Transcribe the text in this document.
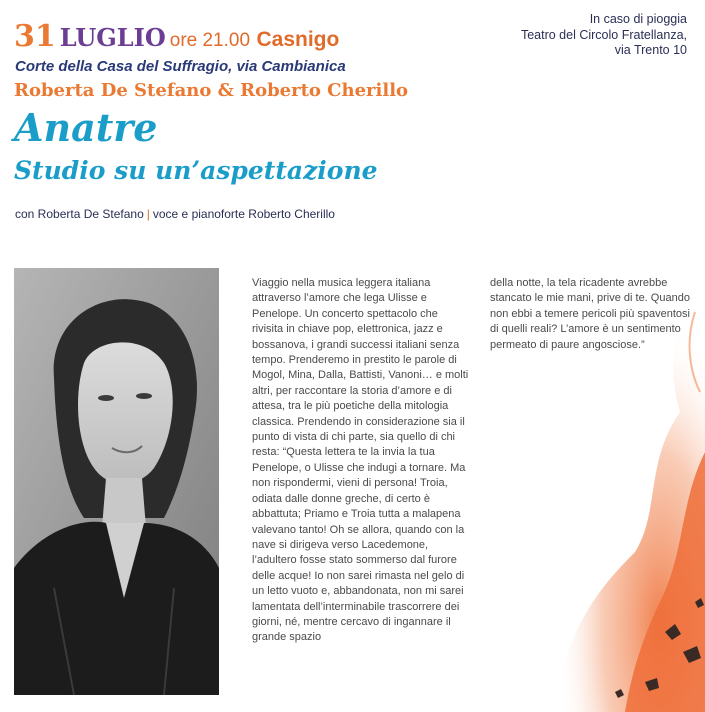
31 LUGLIO ore 21.00 Casnigo
Corte della Casa del Suffragio, via Cambianica
Roberta De Stefano & Roberto Cherillo
Anatre
Studio su un’aspettazione
con Roberta De Stefano | voce e pianoforte Roberto Cherillo
In caso di pioggia
Teatro del Circolo Fratellanza,
via Trento 10

Viaggio nella musica leggera italiana attraverso l’amore che lega Ulisse e Penelope. Un concerto spettacolo che rivisita in chiave pop, elettronica, jazz e bossanova, i grandi successi italiani senza tempo. Prenderemo in prestito le parole di Mogol, Mina, Dalla, Battisti, Vanoni… e molti altri, per raccontare la storia d’amore e di attesa, tra le più poetiche della mitologia classica. Prendendo in considerazione sia il punto di vista di chi parte, sia quello di chi resta: “Questa lettera te la invia la tua Penelope, o Ulisse che indugi a tornare. Ma non rispondermi, vieni di persona! Troia, odiata dalle donne greche, di certo è abbattuta; Priamo e Troia tutta a malapena valevano tanto! Oh se allora, quando con la nave si dirigeva verso Lacedemone, l’adultero fosse stato sommerso dal furore delle acque! Io non sarei rimasta nel gelo di un letto vuoto e, abbandonata, non mi sarei lamentata dell’interminabile trascorrere dei giorni, né, mentre cercavo di ingannare il grande spazio

della notte, la tela ricadente avrebbe stancato le mie mani, prive di te. Quando non ebbi a temere pericoli più spaventosi di quelli reali? L’amore è un sentimento permeato di paure angosciose.”
